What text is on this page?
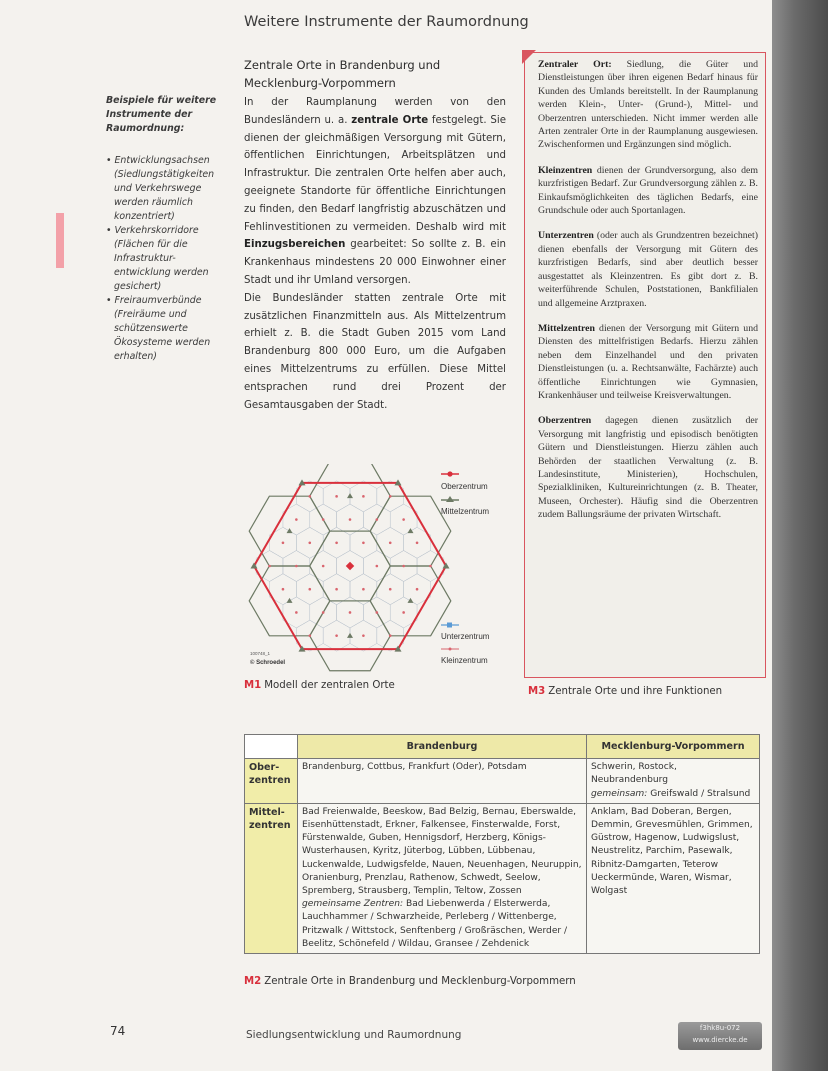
Weitere Instrumente der Raumordnung
Beispiele für weitere Instrumente der Raumordnung:
• Entwicklungsachsen (Siedlungstätigkeiten und Verkehrswege werden räumlich konzentriert)
• Verkehrskorridore (Flächen für die Infrastruktur-entwicklung werden gesichert)
• Freiraumverbünde (Freiräume und schützenswerte Ökosysteme werden erhalten)
Zentrale Orte in Brandenburg und Mecklenburg-Vorpommern

In der Raumplanung werden von den Bundesländern u. a. zentrale Orte festgelegt. Sie dienen der gleichmäßigen Versorgung mit Gütern, öffentlichen Einrichtungen, Arbeitsplätzen und Infrastruktur. Die zentralen Orte helfen aber auch, geeignete Standorte für öffentliche Einrichtungen zu finden, den Bedarf langfristig abzuschätzen und Fehlinvestitionen zu vermeiden. Deshalb wird mit Einzugsbereichen gearbeitet: So sollte z. B. ein Krankenhaus mindestens 20 000 Einwohner einer Stadt und ihr Umland versorgen.

Die Bundesländer statten zentrale Orte mit zusätzlichen Finanzmitteln aus. Als Mittelzentrum erhielt z. B. die Stadt Guben 2015 vom Land Brandenburg 800 000 Euro, um die Aufgaben eines Mittelzentrums zu erfüllen. Diese Mittel entsprachen rund drei Prozent der Gesamtausgaben der Stadt.

Zentraler Ort: Siedlung, die Güter und Dienstleistungen über ihren eigenen Bedarf hinaus für Kunden des Umlands bereitstellt. In der Raumplanung werden Klein-, Unter- (Grund-), Mittel- und Oberzentren unterschieden. Nicht immer werden alle Arten zentraler Orte in der Raumplanung ausgewiesen. Zwischenformen und Ergänzungen sind möglich.

Kleinzentren dienen der Grundversorgung, also dem kurzfristigen Bedarf. Zur Grundversorgung zählen z. B. Einkaufsmöglichkeiten des täglichen Bedarfs, eine Grundschule oder auch Sportanlagen.

Unterzentren (oder auch als Grundzentren bezeichnet) dienen ebenfalls der Versorgung mit Gütern des kurzfristigen Bedarfs, sind aber deutlich besser ausgestattet als Kleinzentren. Es gibt dort z. B. weiterführende Schulen, Poststationen, Bankfilialen und allgemeine Arztpraxen.

Mittelzentren dienen der Versorgung mit Gütern und Diensten des mittelfristigen Bedarfs. Hierzu zählen neben dem Einzelhandel und den privaten Dienstleistungen (u. a. Rechtsanwälte, Fachärzte) auch öffentliche Einrichtungen wie Gymnasien, Krankenhäuser und teilweise Kreisverwaltungen.

Oberzentren dagegen dienen zusätzlich der Versorgung mit langfristig und episodisch benötigten Gütern und Dienstleistungen. Hierzu zählen auch Behörden der staatlichen Verwaltung (z. B. Landesinstitute, Ministerien), Hochschulen, Spezialkliniken, Kultureinrichtungen (z. B. Theater, Museen, Orchester). Häufig sind die Oberzentren zudem Ballungsräume der privaten Wirtschaft.

Oberzentrum
Mittelzentrum
Unterzentrum
Kleinzentrum
100748_1
© Schroedel
M1 Modell der zentralen Orte
M3 Zentrale Orte und ihre Funktionen
	Brandenburg	Mecklenburg-Vorpommern
Ober-zentren	Brandenburg, Cottbus, Frankfurt (Oder), Potsdam	Schwerin, Rostock, Neubrandenburg
gemeinsam: Greifswald / Stralsund
Mittel-zentren	Bad Freienwalde, Beeskow, Bad Belzig, Bernau, Eberswalde, Eisenhüttenstadt, Erkner, Falkensee, Finsterwalde, Forst, Fürstenwalde, Guben, Hennigsdorf, Herzberg, Königs-Wusterhausen, Kyritz, Jüterbog, Lübben, Lübbenau, Luckenwalde, Ludwigsfelde, Nauen, Neuenhagen, Neuruppin, Oranienburg, Prenzlau, Rathenow, Schwedt, Seelow, Spremberg, Strausberg, Templin, Teltow, Zossen
gemeinsame Zentren: Bad Liebenwerda / Elsterwerda, Lauchhammer / Schwarzheide, Perleberg / Wittenberge, Pritzwalk / Wittstock, Senftenberg / Großräschen, Werder / Beelitz, Schönefeld / Wildau, Gransee / Zehdenick	Anklam, Bad Doberan, Bergen, Demmin, Grevesmühlen, Grimmen, Güstrow, Hagenow, Ludwigslust, Neustrelitz, Parchim, Pasewalk, Ribnitz-Damgarten, Teterow Ueckermünde, Waren, Wismar, Wolgast
M2 Zentrale Orte in Brandenburg und Mecklenburg-Vorpommern
74	Siedlungsentwicklung und Raumordnung
f3hk8u-072
www.diercke.de
